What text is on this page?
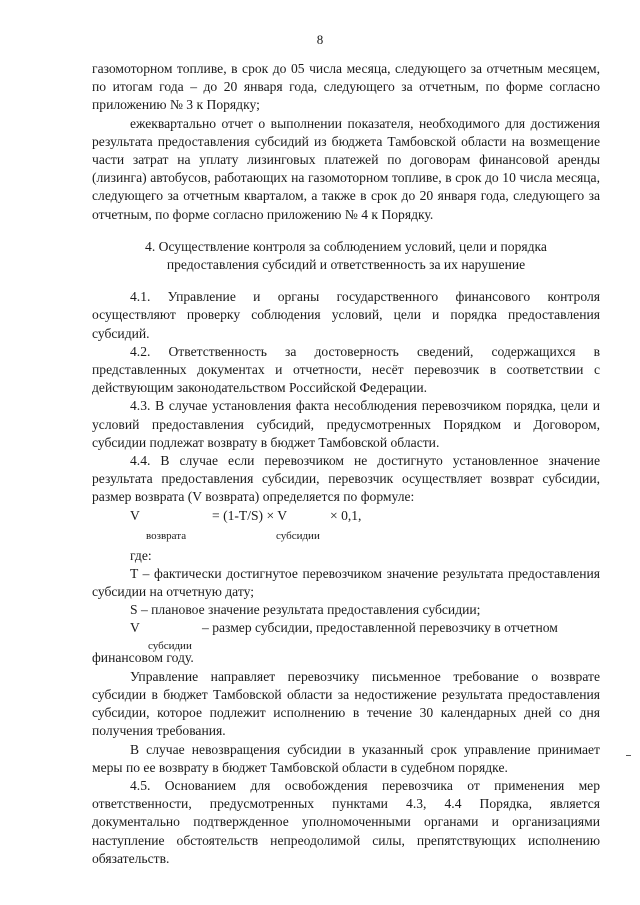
8

газомоторном топливе, в срок до 05 числа месяца, следующего за отчетным месяцем, по итогам года – до 20 января года, следующего за отчетным, по форме согласно приложению № 3 к Порядку;

ежеквартально отчет о выполнении показателя, необходимого для достижения результата предоставления субсидий из бюджета Тамбовской области на возмещение части затрат на уплату лизинговых платежей по договорам финансовой аренды (лизинга) автобусов, работающих на газомоторном топливе, в срок до 10 числа месяца, следующего за отчетным кварталом, а также в срок до 20 января года, следующего за отчетным, по форме согласно приложению № 4 к Порядку.

4. Осуществление контроля за соблюдением условий, цели и порядка предоставления субсидий и ответственность за их нарушение

4.1. Управление и органы государственного финансового контроля осуществляют проверку соблюдения условий, цели и порядка предоставления субсидий.

4.2. Ответственность за достоверность сведений, содержащихся в представленных документах и отчетности, несёт перевозчик в соответствии с действующим законодательством Российской Федерации.

4.3. В случае установления факта несоблюдения перевозчиком порядка, цели и условий предоставления субсидий, предусмотренных Порядком и Договором, субсидии подлежат возврату в бюджет Тамбовской области.

4.4. В случае если перевозчиком не достигнуто установленное значение результата предоставления субсидии, перевозчик осуществляет возврат субсидии, размер возврата (V возврата) определяется по формуле:

V
возврата
= (1-T/S) × V
субсидии
× 0,1,

где:

T – фактически достигнутое перевозчиком значение результата предоставления субсидии на отчетную дату;

S – плановое значение результата предоставления субсидии;

V
субсидии
– размер субсидии, предоставленной перевозчику в отчетном

финансовом году.

Управление направляет перевозчику письменное требование о возврате субсидии в бюджет Тамбовской области за недостижение результата предоставления субсидии, которое подлежит исполнению в течение 30 календарных дней со дня получения требования.

В случае невозвращения субсидии в указанный срок управление принимает меры по ее возврату в бюджет Тамбовской области в судебном порядке.

4.5. Основанием для освобождения перевозчика от применения мер ответственности, предусмотренных пунктами 4.3, 4.4 Порядка, является документально подтвержденное уполномоченными органами и организациями наступление обстоятельств непреодолимой силы, препятствующих исполнению обязательств.
